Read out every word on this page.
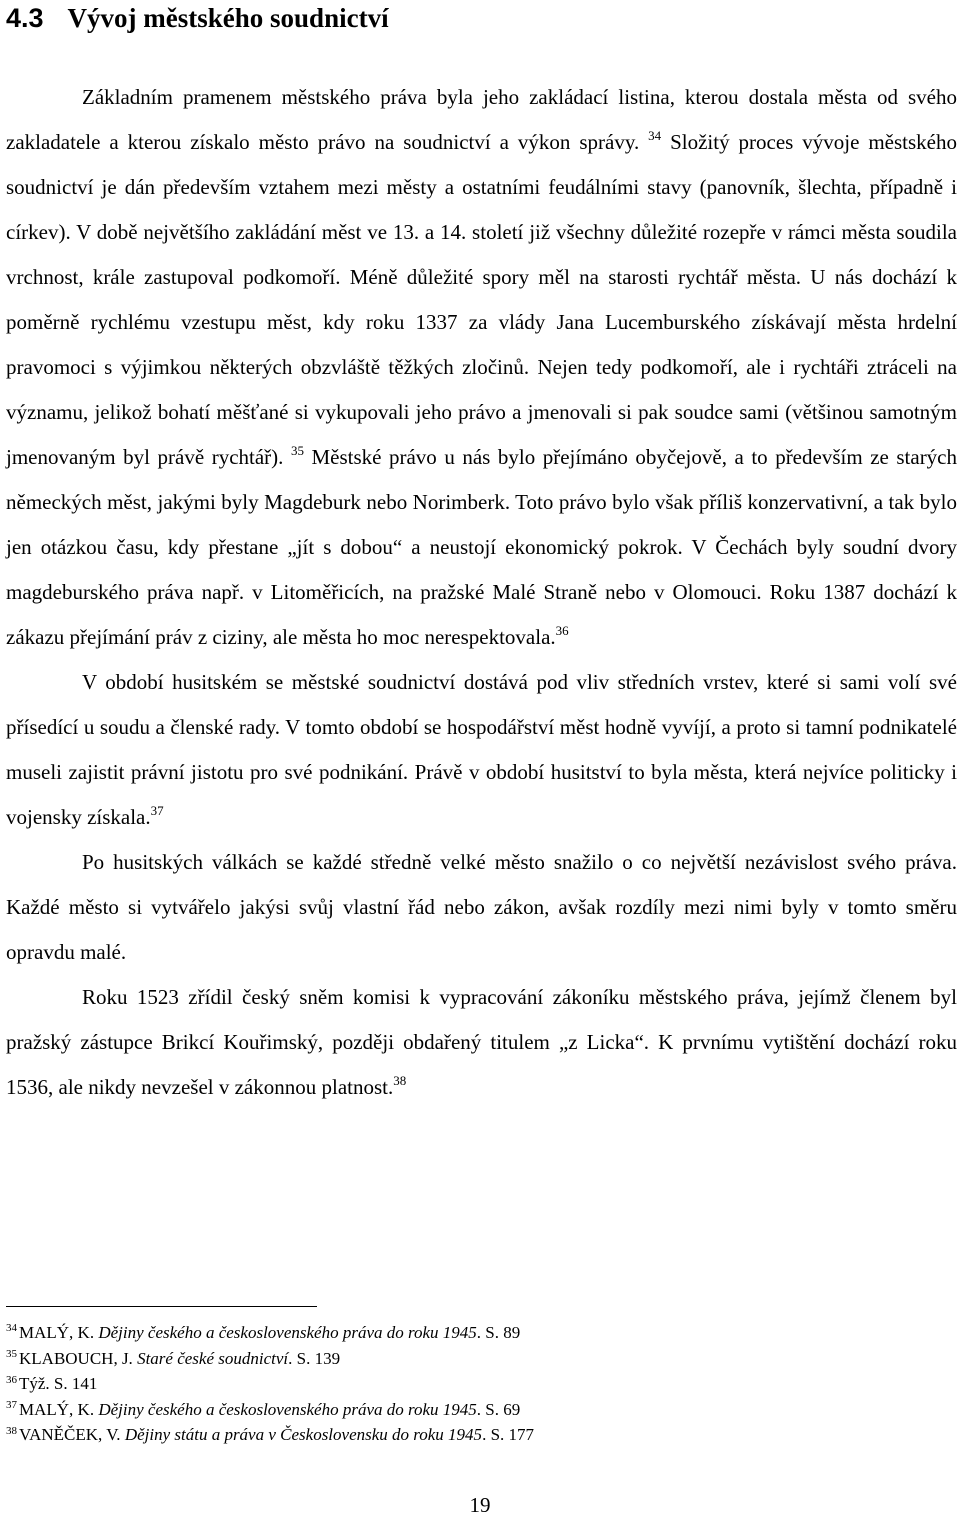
4.3 Vývoj městského soudnictví

Základním pramenem městského práva byla jeho zakládací listina, kterou dostala města od svého zakladatele a kterou získalo město právo na soudnictví a výkon správy. $^{34}$ Složitý proces vývoje městského soudnictví je dán především vztahem mezi městy a ostatními feudálními stavy (panovník, šlechta, případně i církev). V době největšího zakládání měst ve 13. a 14. století již všechny důležité rozepře v rámci města soudila vrchnost, krále zastupoval podkomoří. Méně důležité spory měl na starosti rychtář města. U nás dochází k poměrně rychlému vzestupu měst, kdy roku 1337 za vlády Jana Lucemburského získávají města hrdelní pravomoci s výjimkou některých obzvláště těžkých zločinů. Nejen tedy podkomoří, ale i rychtáři ztráceli na významu, jelikož bohatí měšťané si vykupovali jeho právo a jmenovali si pak soudce sami (většinou samotným jmenovaným byl právě rychtář). $^{35}$ Městské právo u nás bylo přejímáno obyčejově, a to především ze starých německých měst, jakými byly Magdeburk nebo Norimberk. Toto právo bylo však příliš konzervativní, a tak bylo jen otázkou času, kdy přestane „jít s dobou“ a neustojí ekonomický pokrok. V Čechách byly soudní dvory magdeburského práva např. v Litoměřicích, na pražské Malé Straně nebo v Olomouci. Roku 1387 dochází k zákazu přejímání práv z ciziny, ale města ho moc nerespektovala.$^{36}$

V období husitském se městské soudnictví dostává pod vliv středních vrstev, které si sami volí své přísedící u soudu a členské rady. V tomto období se hospodářství měst hodně vyvíjí, a proto si tamní podnikatelé museli zajistit právní jistotu pro své podnikání. Právě v období husitství to byla města, která nejvíce politicky i vojensky získala.$^{37}$

Po husitských válkách se každé středně velké město snažilo o co největší nezávislost svého práva. Každé město si vytvářelo jakýsi svůj vlastní řád nebo zákon, avšak rozdíly mezi nimi byly v tomto směru opravdu malé.

Roku 1523 zřídil český sněm komisi k vypracování zákoníku městského práva, jejímž členem byl pražský zástupce Brikcí Kouřimský, později obdařený titulem „z Licka“. K prvnímu vytištění dochází roku 1536, ale nikdy nevzešel v zákonnou platnost.$^{38}$

$^{34}$ MALÝ, K. Dějiny českého a československého práva do roku 1945. S. 89
$^{35}$ KLABOUCH, J. Staré české soudnictví. S. 139
$^{36}$ Týž. S. 141
$^{37}$ MALÝ, K. Dějiny českého a československého práva do roku 1945. S. 69
$^{38}$ VANĚČEK, V. Dějiny státu a práva v Československu do roku 1945. S. 177
19
